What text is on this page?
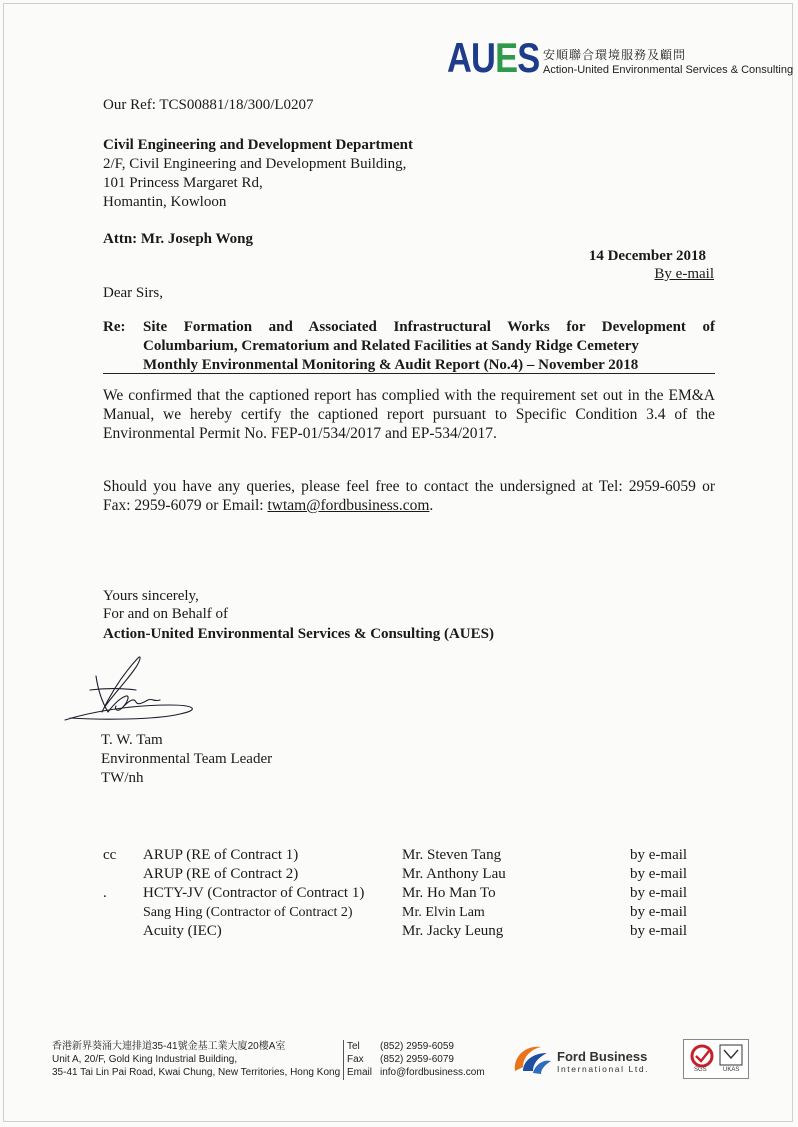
AUES 安順聯合環境服務及顧問
Action-United Environmental Services & Consulting
Our Ref: TCS00881/18/300/L0207
Civil Engineering and Development Department
2/F, Civil Engineering and Development Building,
101 Princess Margaret Rd,
Homantin, Kowloon
Attn: Mr. Joseph Wong
14 December 2018
By e-mail
Dear Sirs,
Re: Site Formation and Associated Infrastructural Works for Development of
Columbarium, Crematorium and Related Facilities at Sandy Ridge Cemetery
Monthly Environmental Monitoring & Audit Report (No.4) – November 2018
We confirmed that the captioned report has complied with the requirement set out in the EM&A
Manual, we hereby certify the captioned report pursuant to Specific Condition 3.4 of the
Environmental Permit No. FEP-01/534/2017 and EP-534/2017.
Should you have any queries, please feel free to contact the undersigned at Tel: 2959-6059 or
Fax: 2959-6079 or Email: twtam@fordbusiness.com.
Yours sincerely,
For and on Behalf of
Action-United Environmental Services & Consulting (AUES)
T. W. Tam
Environmental Team Leader
TW/nh
cc
.
ARUP (RE of Contract 1)	Mr. Steven Tang	by e-mail
ARUP (RE of Contract 2)	Mr. Anthony Lau	by e-mail
HCTY-JV (Contractor of Contract 1)	Mr. Ho Man To	by e-mail
Sang Hing (Contractor of Contract 2)	Mr. Elvin Lam	by e-mail
Acuity (IEC)	Mr. Jacky Leung	by e-mail
香港新界葵涌大連排道35-41號金基工業大廈20樓A室
Unit A, 20/F, Gold King Industrial Building,
35-41 Tai Lin Pai Road, Kwai Chung, New Territories, Hong Kong
Tel (852) 2959-6059
Fax (852) 2959-6079
Email info@fordbusiness.com
Ford Business
International Ltd.	SGS	UKAS
